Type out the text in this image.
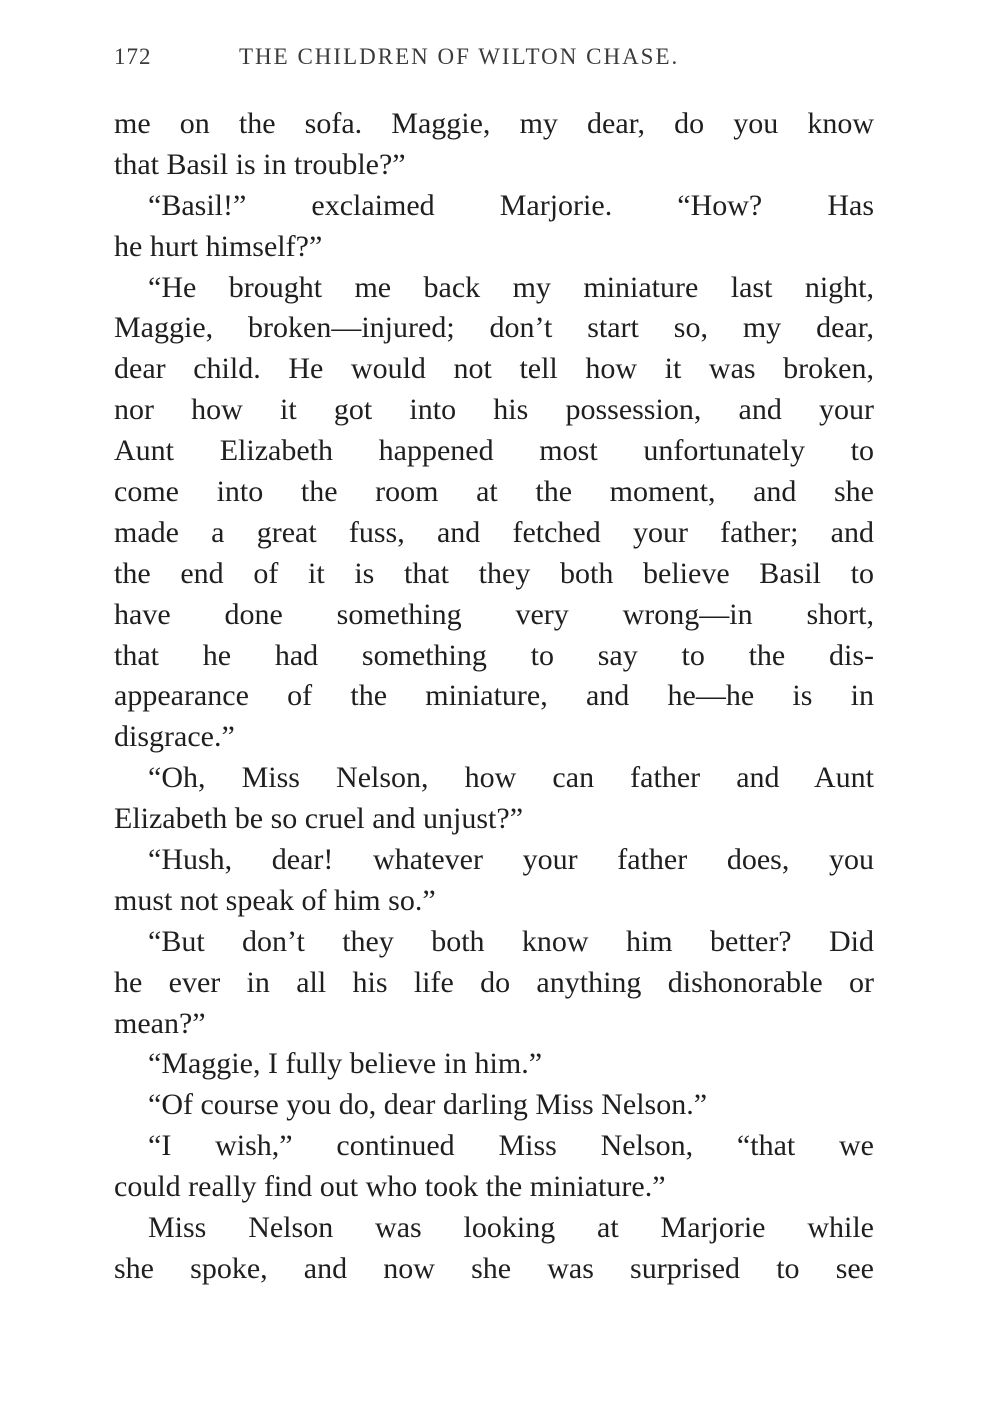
172	THE CHILDREN OF WILTON CHASE.
me on the sofa. Maggie, my dear, do you know
that Basil is in trouble?”
“Basil!” exclaimed Marjorie. “How? Has
he hurt himself?”
“He brought me back my miniature last night,
Maggie, broken—injured; don’t start so, my dear,
dear child. He would not tell how it was broken,
nor how it got into his possession, and your
Aunt Elizabeth happened most unfortunately to
come into the room at the moment, and she
made a great fuss, and fetched your father; and
the end of it is that they both believe Basil to
have done something very wrong—in short,
that he had something to say to the dis-
appearance of the miniature, and he—he is in
disgrace.”
“Oh, Miss Nelson, how can father and Aunt
Elizabeth be so cruel and unjust?”
“Hush, dear! whatever your father does, you
must not speak of him so.”
“But don’t they both know him better? Did
he ever in all his life do anything dishonorable or
mean?”
“Maggie, I fully believe in him.”
“Of course you do, dear darling Miss Nelson.”
“I wish,” continued Miss Nelson, “that we
could really find out who took the miniature.”
Miss Nelson was looking at Marjorie while
she spoke, and now she was surprised to see
